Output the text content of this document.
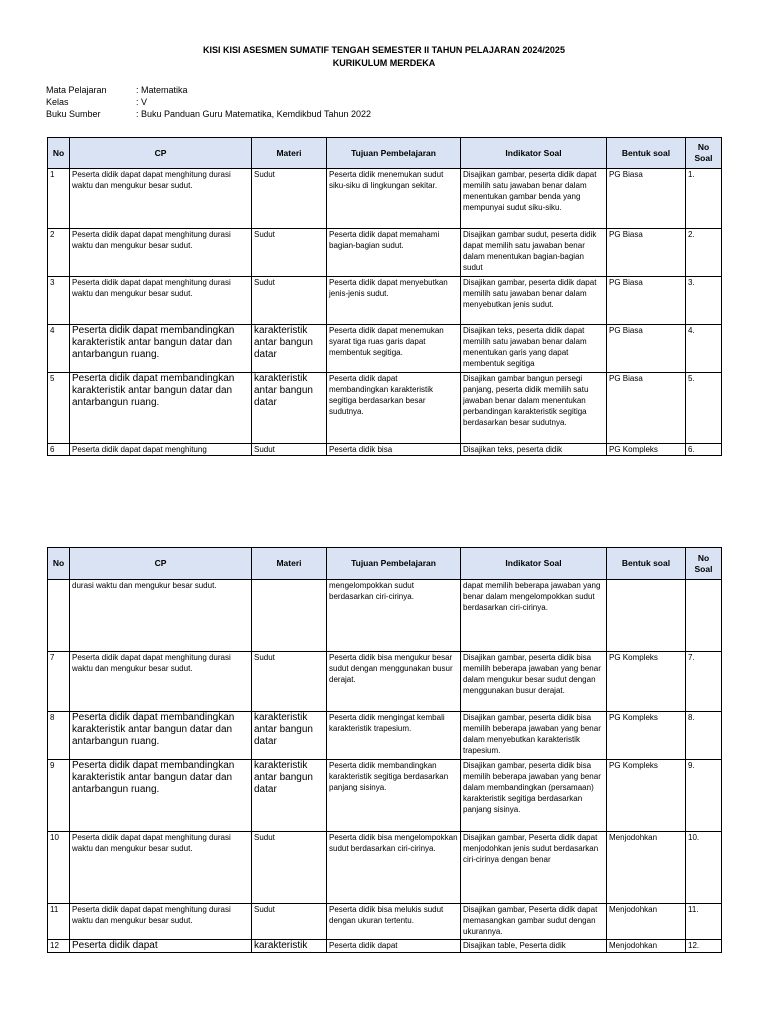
KISI KISI ASESMEN SUMATIF TENGAH SEMESTER II TAHUN PELAJARAN 2024/2025
KURIKULUM MERDEKA
Mata Pelajaran	: Matematika
Kelas	: V
Buku Sumber	: Buku Panduan Guru Matematika, Kemdikbud Tahun 2022
No	CP	Materi	Tujuan Pembelajaran	Indikator Soal	Bentuk soal	No Soal
1	Peserta didik dapat dapat menghitung durasi waktu dan mengukur besar sudut.	Sudut	Peserta didik menemukan sudut siku-siku di lingkungan sekitar.	Disajikan gambar, peserta didik dapat memilih satu jawaban benar dalam menentukan gambar benda yang mempunyai sudut siku-siku.	PG Biasa	1.
2	Peserta didik dapat dapat menghitung durasi waktu dan mengukur besar sudut.	Sudut	Peserta didik dapat memahami bagian-bagian sudut.	Disajikan gambar sudut, peserta didik dapat memilih satu jawaban benar dalam menentukan bagian-bagian sudut	PG Biasa	2.
3	Peserta didik dapat dapat menghitung durasi waktu dan mengukur besar sudut.	Sudut	Peserta didik dapat menyebutkan jenis-jenis sudut.	Disajikan gambar, peserta didik dapat memilih satu jawaban benar dalam menyebutkan jenis sudut.	PG Biasa	3.
4	Peserta didik dapat membandingkan karakteristik antar bangun datar dan antarbangun ruang.	karakteristik antar bangun datar	Peserta didik dapat menemukan syarat tiga ruas garis dapat membentuk segitiga.	Disajikan teks, peserta didik dapat memilih satu jawaban benar dalam menentukan garis yang dapat membentuk segitiga	PG Biasa	4.
5	Peserta didik dapat membandingkan karakteristik antar bangun datar dan antarbangun ruang.	karakteristik antar bangun datar	Peserta didik dapat membandingkan karakteristik segitiga berdasarkan besar sudutnya.	Disajikan gambar bangun persegi panjang, peserta didik memilih satu jawaban benar dalam menentukan perbandingan karakteristik segitiga berdasarkan besar sudutnya.	PG Biasa	5.
6	Peserta didik dapat dapat menghitung	Sudut	Peserta didik bisa	Disajikan teks, peserta didik	PG Kompleks	6.
No	CP	Materi	Tujuan Pembelajaran	Indikator Soal	Bentuk soal	No Soal
	durasi waktu dan mengukur besar sudut.		mengelompokkan sudut berdasarkan ciri-cirinya.	dapat memilih beberapa jawaban yang benar dalam mengelompokkan sudut berdasarkan ciri-cirinya.		
7	Peserta didik dapat dapat menghitung durasi waktu dan mengukur besar sudut.	Sudut	Peserta didik bisa mengukur besar sudut dengan menggunakan busur derajat.	Disajikan gambar, peserta didik bisa memilih beberapa jawaban yang benar dalam mengukur besar sudut dengan menggunakan busur derajat.	PG Kompleks	7.
8	Peserta didik dapat membandingkan karakteristik antar bangun datar dan antarbangun ruang.	karakteristik antar bangun datar	Peserta didik mengingat kembali karakteristik trapesium.	Disajikan gambar, peserta didik bisa memilih beberapa jawaban yang benar dalam menyebutkan karakteristik trapesium.	PG Kompleks	8.
9	Peserta didik dapat membandingkan karakteristik antar bangun datar dan antarbangun ruang.	karakteristik antar bangun datar	Peserta didik membandingkan karakteristik segitiga berdasarkan panjang sisinya.	Disajikan gambar, peserta didik bisa memilih beberapa jawaban yang benar dalam membandingkan (persamaan) karakteristik segitiga berdasarkan panjang sisinya.	PG Kompleks	9.
10	Peserta didik dapat dapat menghitung durasi waktu dan mengukur besar sudut.	Sudut	Peserta didik bisa mengelompokkan sudut berdasarkan ciri-cirinya.	Disajikan gambar, Peserta didik dapat menjodohkan jenis sudut berdasarkan ciri-cirinya dengan benar	Menjodohkan	10.
11	Peserta didik dapat dapat menghitung durasi waktu dan mengukur besar sudut.	Sudut	Peserta didik bisa melukis sudut dengan ukuran tertentu.	Disajikan gambar, Peserta didik dapat memasangkan gambar sudut dengan ukurannya.	Menjodohkan	11.
12	Peserta didik dapat	karakteristik	Peserta didik dapat	Disajikan table, Peserta didik	Menjodohkan	12.
